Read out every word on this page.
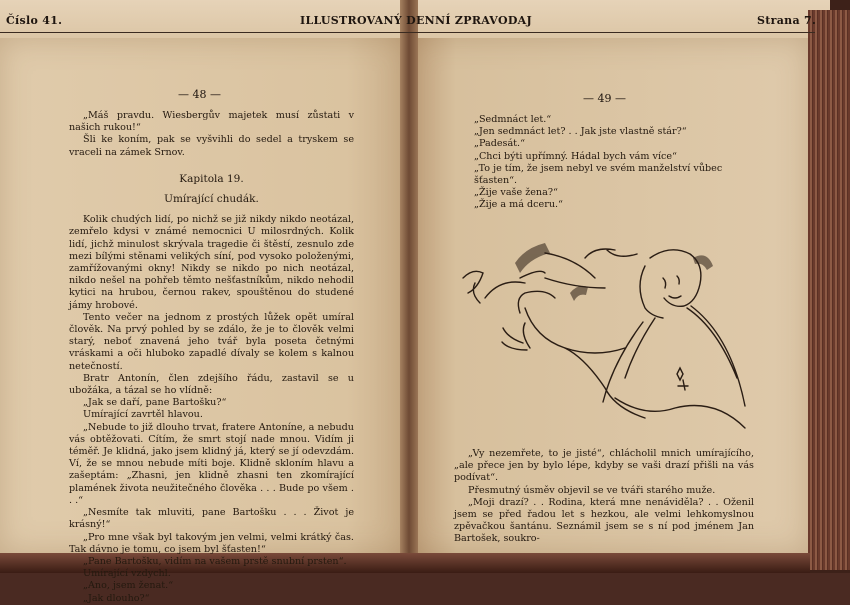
Číslo 41.	ILLUSTROVANÝ DENNÍ ZPRAVODAJ	Strana 7.
— 48 —	— 49 —

„Máš pravdu. Wiesbergův majetek musí zůstati v našich rukou!“

Šli ke koním, pak se vyšvihli do sedel a tryskem se vraceli na zámek Srnov.

Kapitola 19.
Umírající chudák.

Kolik chudých lidí, po nichž se již nikdy nikdo neotázal, zemřelo kdysi v známé nemocnici U milosrdných. Kolik lidí, jichž minulost skrývala tragedie či štěstí, zesnulo zde mezi bílými stěnami velikých síní, pod vysoko položenými, zamřížovanými okny! Nikdy se nikdo po nich neotázal, nikdo nešel na pohřeb těmto nešťastníkům, nikdo nehodil kytici na hrubou, černou rakev, spouštěnou do studené jámy hrobové.

Tento večer na jednom z prostých lůžek opět umíral člověk. Na prvý pohled by se zdálo, že je to člověk velmi starý, neboť znavená jeho tvář byla poseta četnými vráskami a oči hluboko zapadlé dívaly se kolem s kalnou netečností.

Bratr Antonín, člen zdejšího řádu, zastavil se u ubožáka, a tázal se ho vlídně:

„Jak se daří, pane Bartošku?“

Umírající zavrtěl hlavou.

„Nebude to již dlouho trvat, fratere Antoníne, a nebudu vás obtěžovati. Cítím, že smrt stojí nade mnou. Vidím ji téměř. Je klidná, jako jsem klidný já, který se jí odevzdám. Ví, že se mnou nebude míti boje. Klidně skloním hlavu a zašeptám: „Zhasni, jen klidně zhasni ten zkomírající plamének života neužitečného člověka . . . Bude po všem . . .“

„Nesmíte tak mluviti, pane Bartošku . . . Život je krásný!“

„Pro mne však byl takovým jen velmi, velmi krátký čas. Tak dávno je tomu, co jsem byl šťasten!“

„Pane Bartošku, vidím na vašem prstě snubní prsten“.

Umírající vzdychl.

„Ano, jsem ženat.“

„Jak dlouho?“

„Sedmnáct let.“

„Jen sedmnáct let? . . Jak jste vlastně stár?“

„Padesát.“

„Chci býti upřímný. Hádal bych vám více“

„To je tím, že jsem nebyl ve svém manželství vůbec šťasten“.

„Žije vaše žena?“

„Žije a má dceru.“

„Vy nezemřete, to je jisté“, chlácholil mnich umírajícího, „ale přece jen by bylo lépe, kdyby se vaši drazí přišli na vás podívat“.

Přesmutný úsměv objevil se ve tváři starého muže.

„Moji drazí? . . Rodina, která mne nenáviděla? . . Oženil jsem se před řadou let s hezkou, ale velmi lehkomyslnou zpěvačkou šantánu. Seznámil jsem se s ní pod jménem Jan Bartošek, soukro-
